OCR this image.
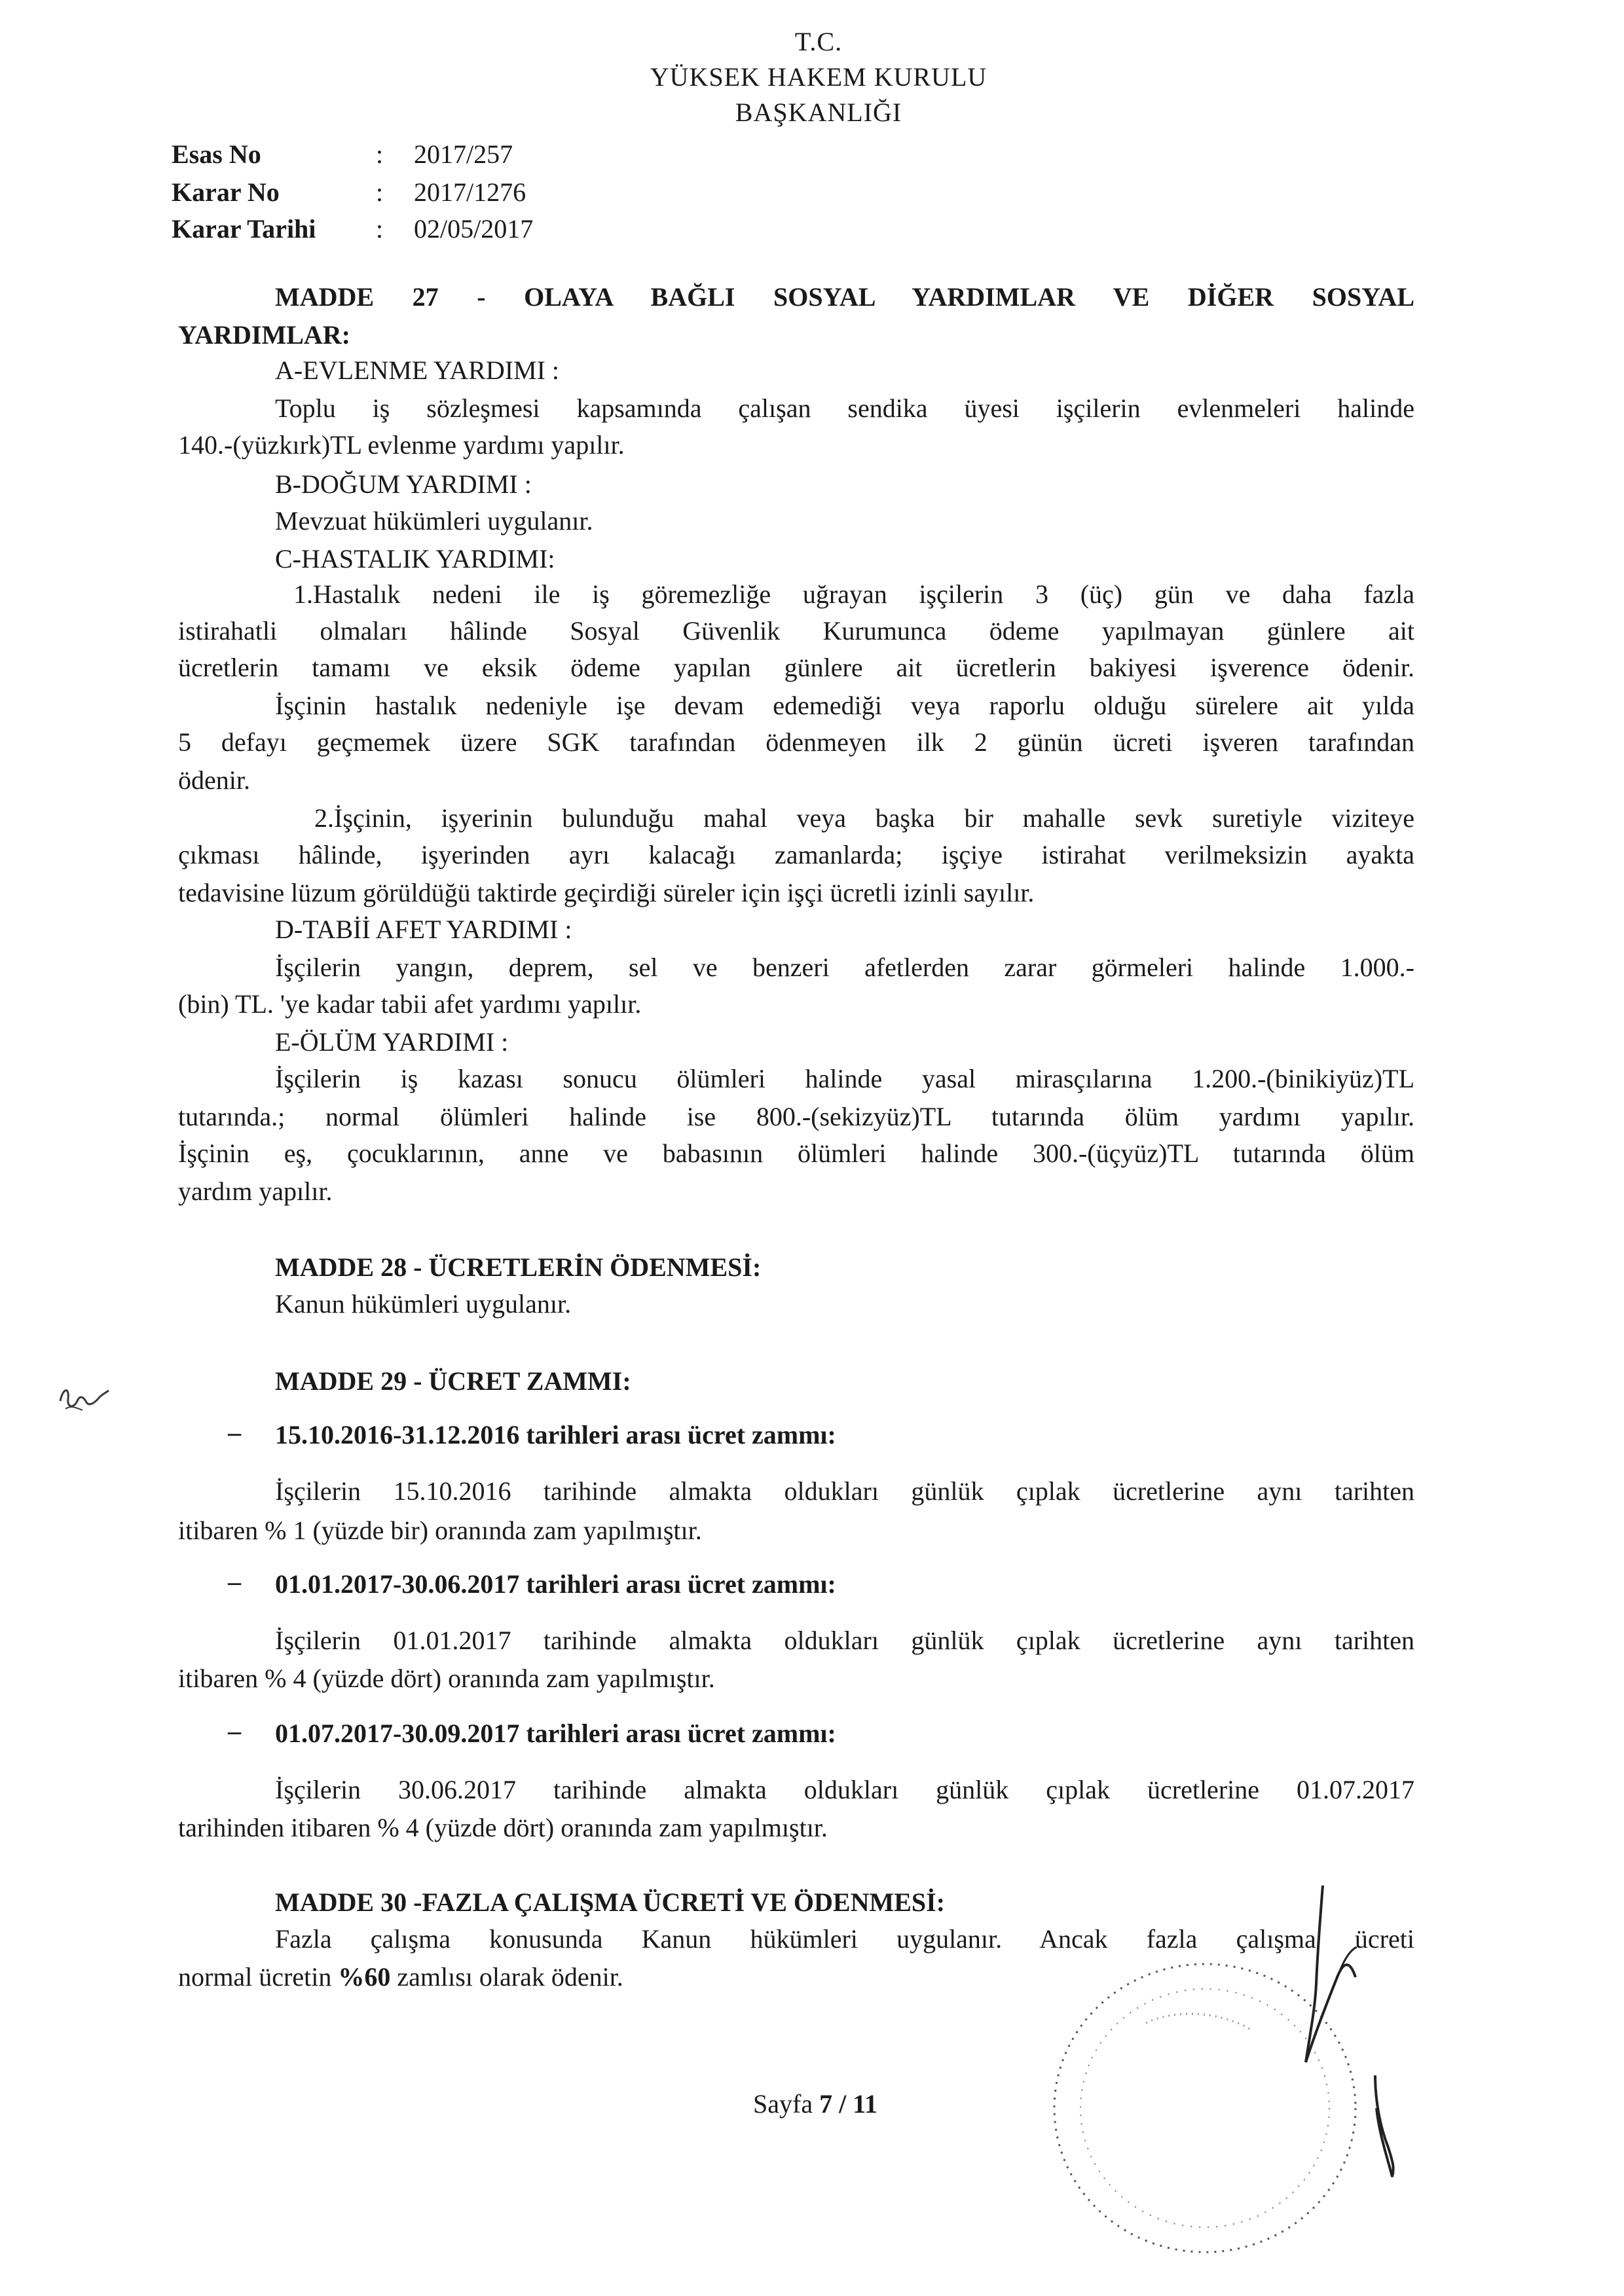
T.C.
YÜKSEK HAKEM KURULU
BAŞKANLIĞI
Esas No	: 2017/257
Karar No	: 2017/1276
Karar Tarihi : 02/05/2017
MADDE 27 - OLAYA BAĞLI SOSYAL YARDIMLAR VE DİĞER SOSYAL
YARDIMLAR:
A-EVLENME YARDIMI :
Toplu iş sözleşmesi kapsamında çalışan sendika üyesi işçilerin evlenmeleri halinde
140.-(yüzkırk)TL evlenme yardımı yapılır.
B-DOĞUM YARDIMI :
Mevzuat hükümleri uygulanır.
C-HASTALIK YARDIMI:
1.Hastalık nedeni ile iş göremezliğe uğrayan işçilerin 3 (üç) gün ve daha fazla
istirahatli olmaları hâlinde Sosyal Güvenlik Kurumunca ödeme yapılmayan günlere ait
ücretlerin tamamı ve eksik ödeme yapılan günlere ait ücretlerin bakiyesi işverence ödenir.
İşçinin hastalık nedeniyle işe devam edemediği veya raporlu olduğu sürelere ait yılda
5 defayı geçmemek üzere SGK tarafından ödenmeyen ilk 2 günün ücreti işveren tarafından
ödenir.
2.İşçinin, işyerinin bulunduğu mahal veya başka bir mahalle sevk suretiyle viziteye
çıkması hâlinde, işyerinden ayrı kalacağı zamanlarda; işçiye istirahat verilmeksizin ayakta
tedavisine lüzum görüldüğü taktirde geçirdiği süreler için işçi ücretli izinli sayılır.
D-TABİİ AFET YARDIMI :
İşçilerin yangın, deprem, sel ve benzeri afetlerden zarar görmeleri halinde 1.000.-
(bin) TL. 'ye kadar tabii afet yardımı yapılır.
E-ÖLÜM YARDIMI :
İşçilerin iş kazası sonucu ölümleri halinde yasal mirasçılarına 1.200.-(binikiyüz)TL
tutarında.; normal ölümleri halinde ise 800.-(sekizyüz)TL tutarında ölüm yardımı yapılır.
İşçinin eş, çocuklarının, anne ve babasının ölümleri halinde 300.-(üçyüz)TL tutarında ölüm
yardım yapılır.
MADDE 28 - ÜCRETLERİN ÖDENMESİ:
Kanun hükümleri uygulanır.
MADDE 29 - ÜCRET ZAMMI:
– 15.10.2016-31.12.2016 tarihleri arası ücret zammı:
İşçilerin 15.10.2016 tarihinde almakta oldukları günlük çıplak ücretlerine aynı tarihten
itibaren % 1 (yüzde bir) oranında zam yapılmıştır.
– 01.01.2017-30.06.2017 tarihleri arası ücret zammı:
İşçilerin 01.01.2017 tarihinde almakta oldukları günlük çıplak ücretlerine aynı tarihten
itibaren % 4 (yüzde dört) oranında zam yapılmıştır.
– 01.07.2017-30.09.2017 tarihleri arası ücret zammı:
İşçilerin 30.06.2017 tarihinde almakta oldukları günlük çıplak ücretlerine 01.07.2017
tarihinden itibaren % 4 (yüzde dört) oranında zam yapılmıştır.
MADDE 30 -FAZLA ÇALIŞMA ÜCRETİ VE ÖDENMESİ:
Fazla çalışma konusunda Kanun hükümleri uygulanır. Ancak fazla çalışma ücreti
normal ücretin %60 zamlısı olarak ödenir.
Sayfa 7 / 11
